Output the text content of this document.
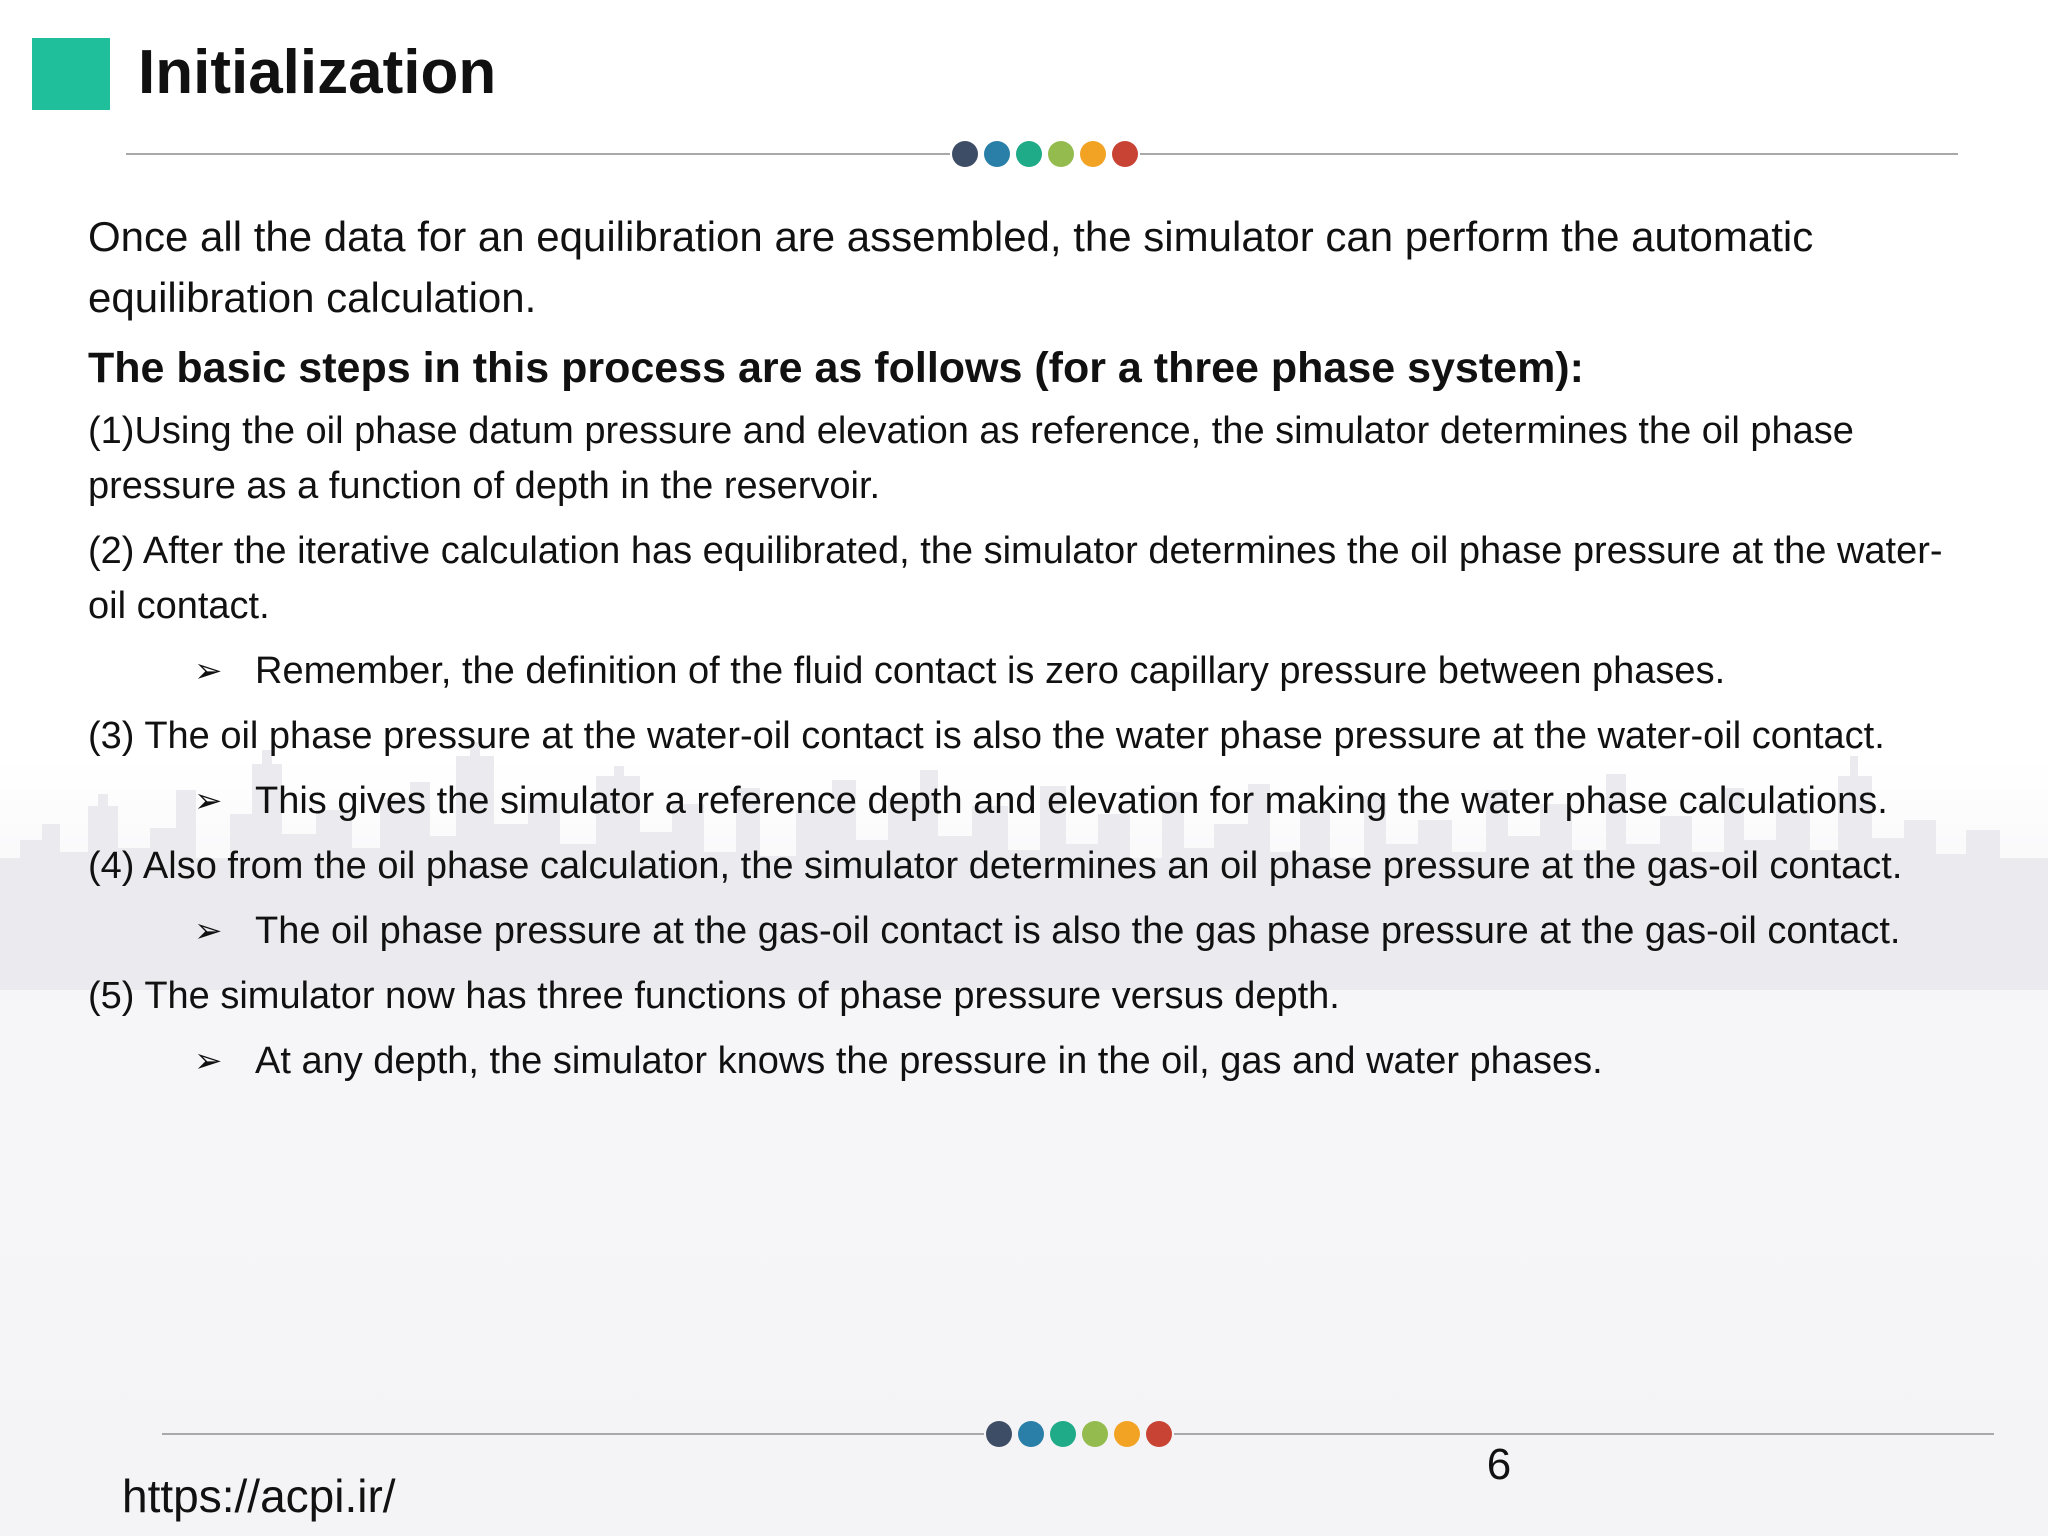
Initialization

Once all the data for an equilibration are assembled, the simulator can perform the automatic equilibration calculation.

The basic steps in this process are as follows (for a three phase system):

(1)Using the oil phase datum pressure and elevation as reference, the simulator determines the oil phase pressure as a function of depth in the reservoir.

(2) After the iterative calculation has equilibrated, the simulator determines the oil phase pressure at the water-oil contact.

➢ Remember, the definition of the fluid contact is zero capillary pressure between phases.

(3) The oil phase pressure at the water-oil contact is also the water phase pressure at the water-oil contact.

➢ This gives the simulator a reference depth and elevation for making the water phase calculations.

(4) Also from the oil phase calculation, the simulator determines an oil phase pressure at the gas-oil contact.

➢ The oil phase pressure at the gas-oil contact is also the gas phase pressure at the gas-oil contact.

(5) The simulator now has three functions of phase pressure versus depth.

➢ At any depth, the simulator knows the pressure in the oil, gas and water phases.
6
https://acpi.ir/
